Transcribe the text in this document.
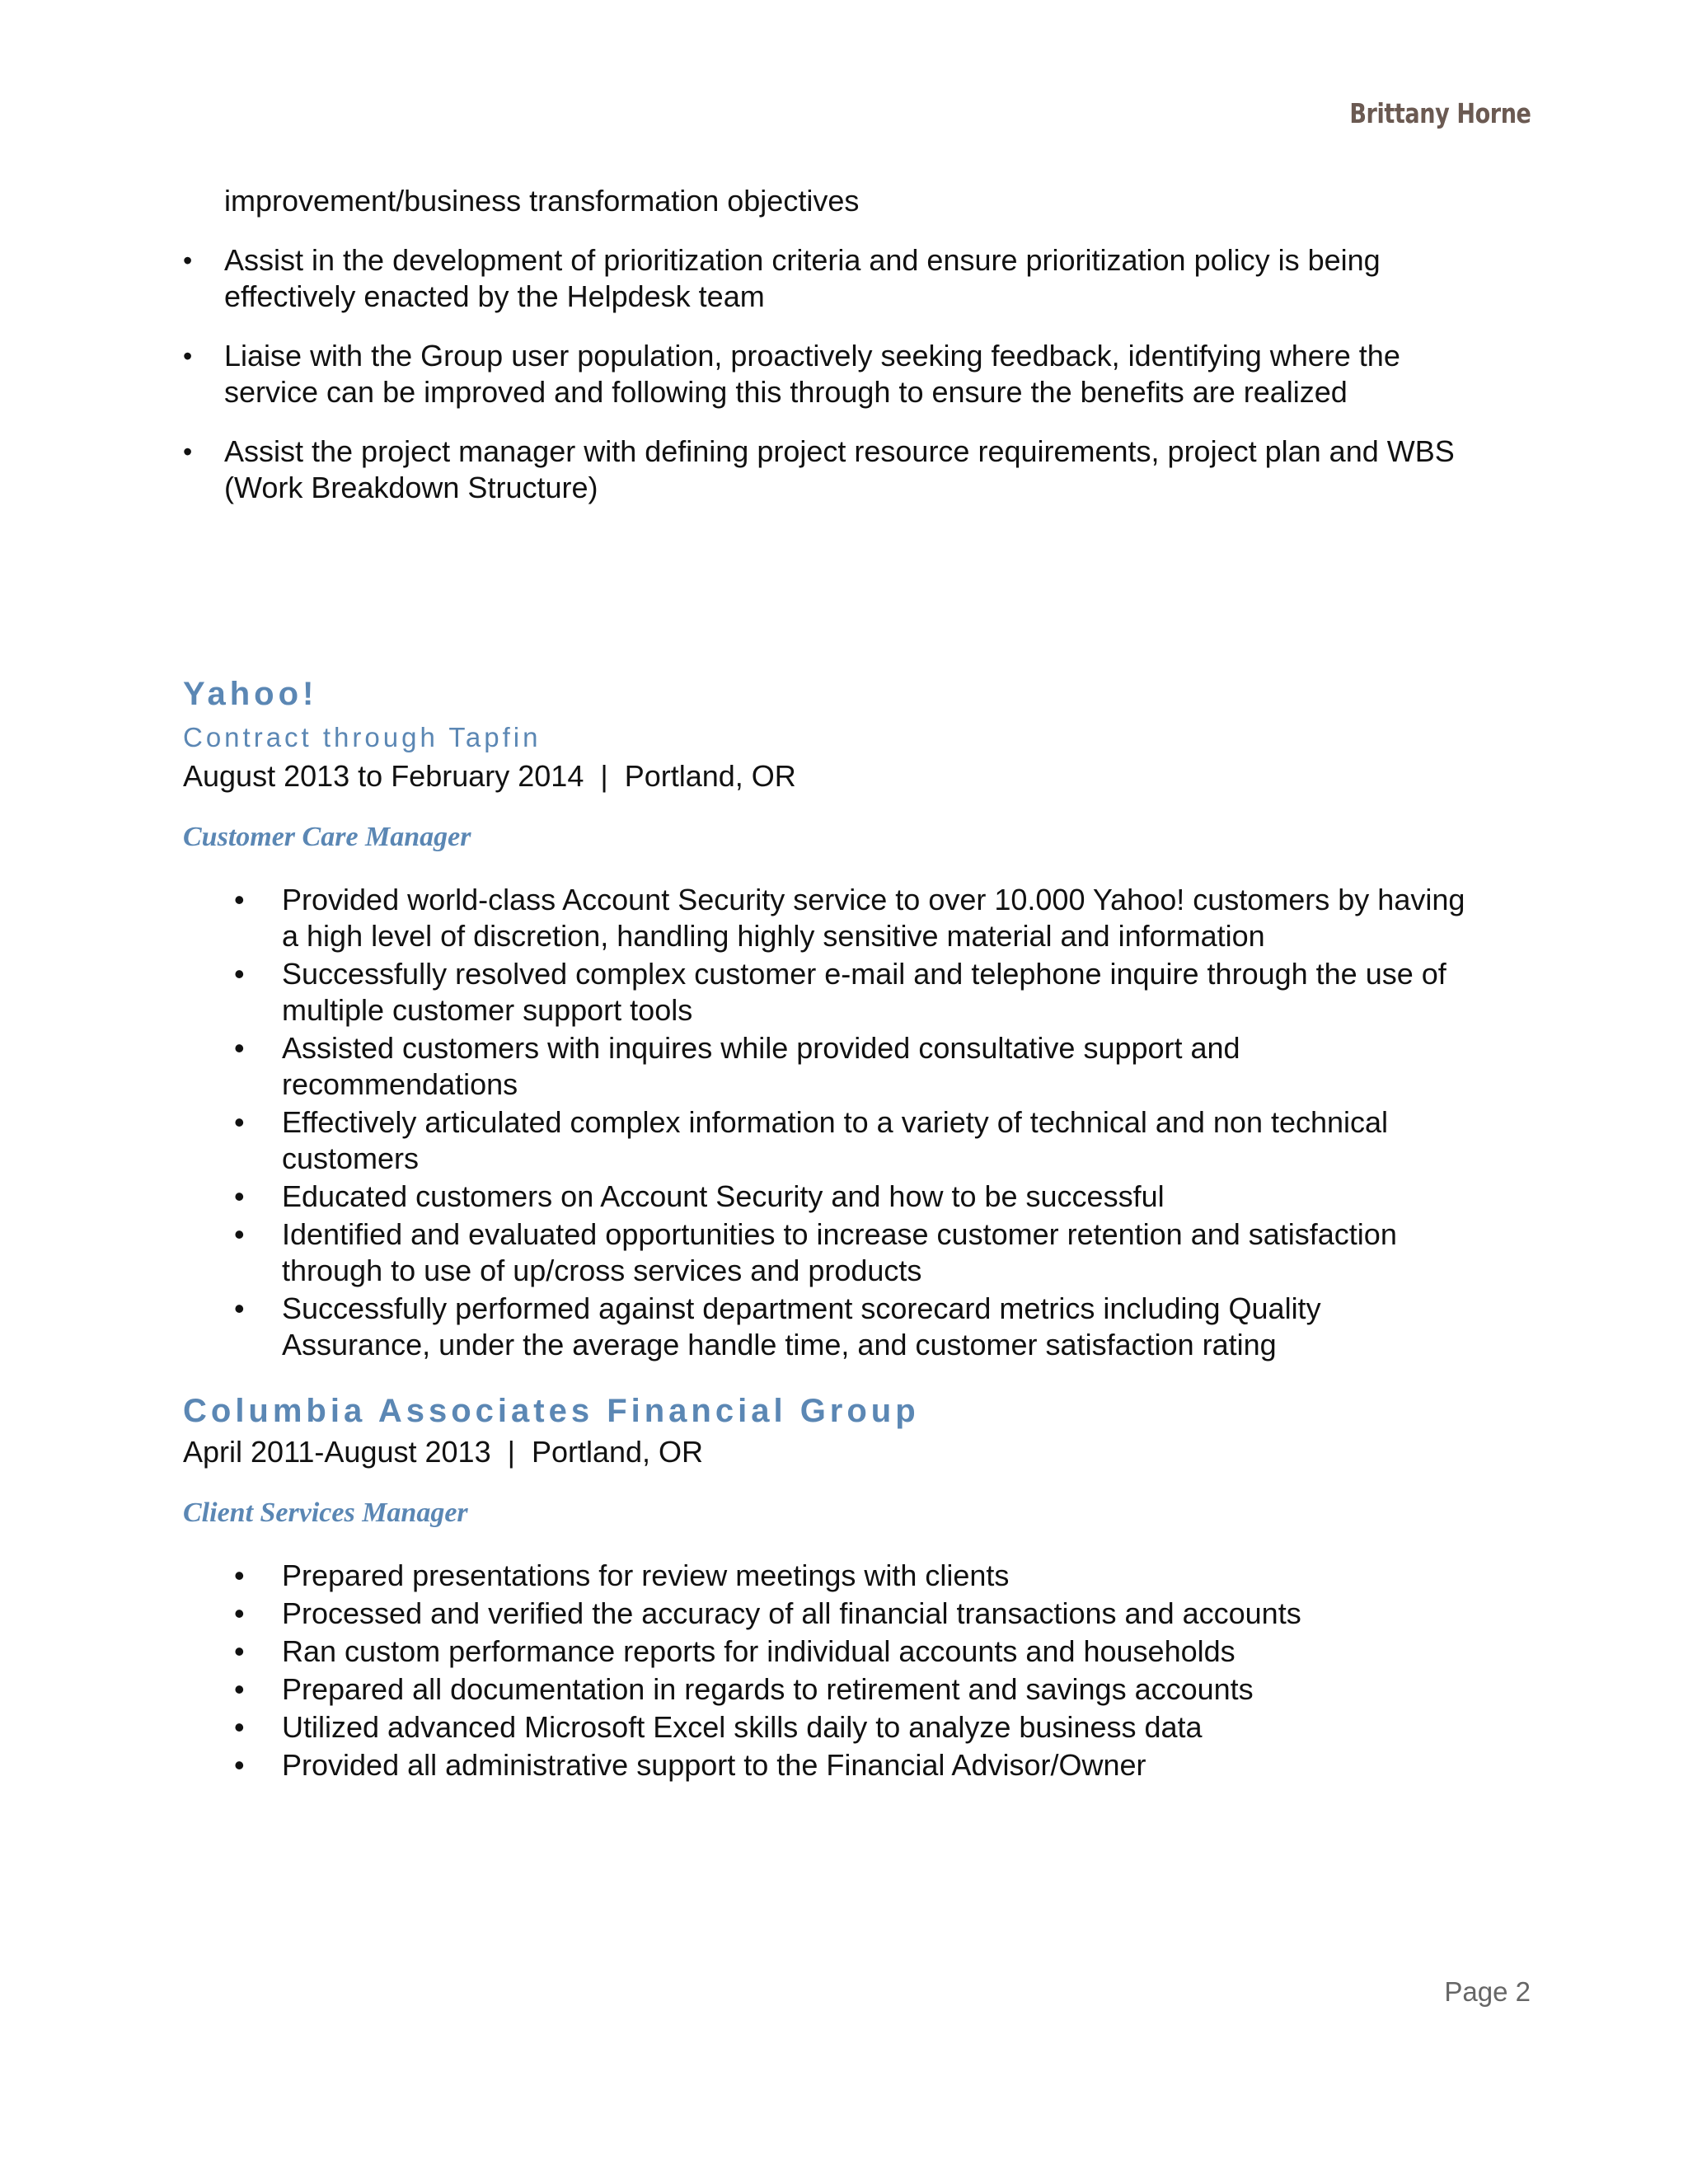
Brittany Horne
improvement/business transformation objectives
• Assist in the development of prioritization criteria and ensure prioritization policy is being effectively enacted by the Helpdesk team
• Liaise with the Group user population, proactively seeking feedback, identifying where the service can be improved and following this through to ensure the benefits are realized
• Assist the project manager with defining project resource requirements, project plan and WBS (Work Breakdown Structure)
Yahoo!
Contract through Tapfin
August 2013 to February 2014  |  Portland, OR
Customer Care Manager
• Provided world-class Account Security service to over 10.000 Yahoo! customers by having a high level of discretion, handling highly sensitive material and information
• Successfully resolved complex customer e-mail and telephone inquire through the use of multiple customer support tools
• Assisted customers with inquires while provided consultative support and recommendations
• Effectively articulated complex information to a variety of technical and non technical customers
• Educated customers on Account Security and how to be successful
• Identified and evaluated opportunities to increase customer retention and satisfaction through to use of up/cross services and products
• Successfully performed against department scorecard metrics including Quality Assurance, under the average handle time, and customer satisfaction rating
Columbia Associates Financial Group
April 2011-August 2013  |  Portland, OR
Client Services Manager
• Prepared presentations for review meetings with clients
• Processed and verified the accuracy of all financial transactions and accounts
• Ran custom performance reports for individual accounts and households
• Prepared all documentation in regards to retirement and savings accounts
• Utilized advanced Microsoft Excel skills daily to analyze business data
• Provided all administrative support to the Financial Advisor/Owner
Page 2
